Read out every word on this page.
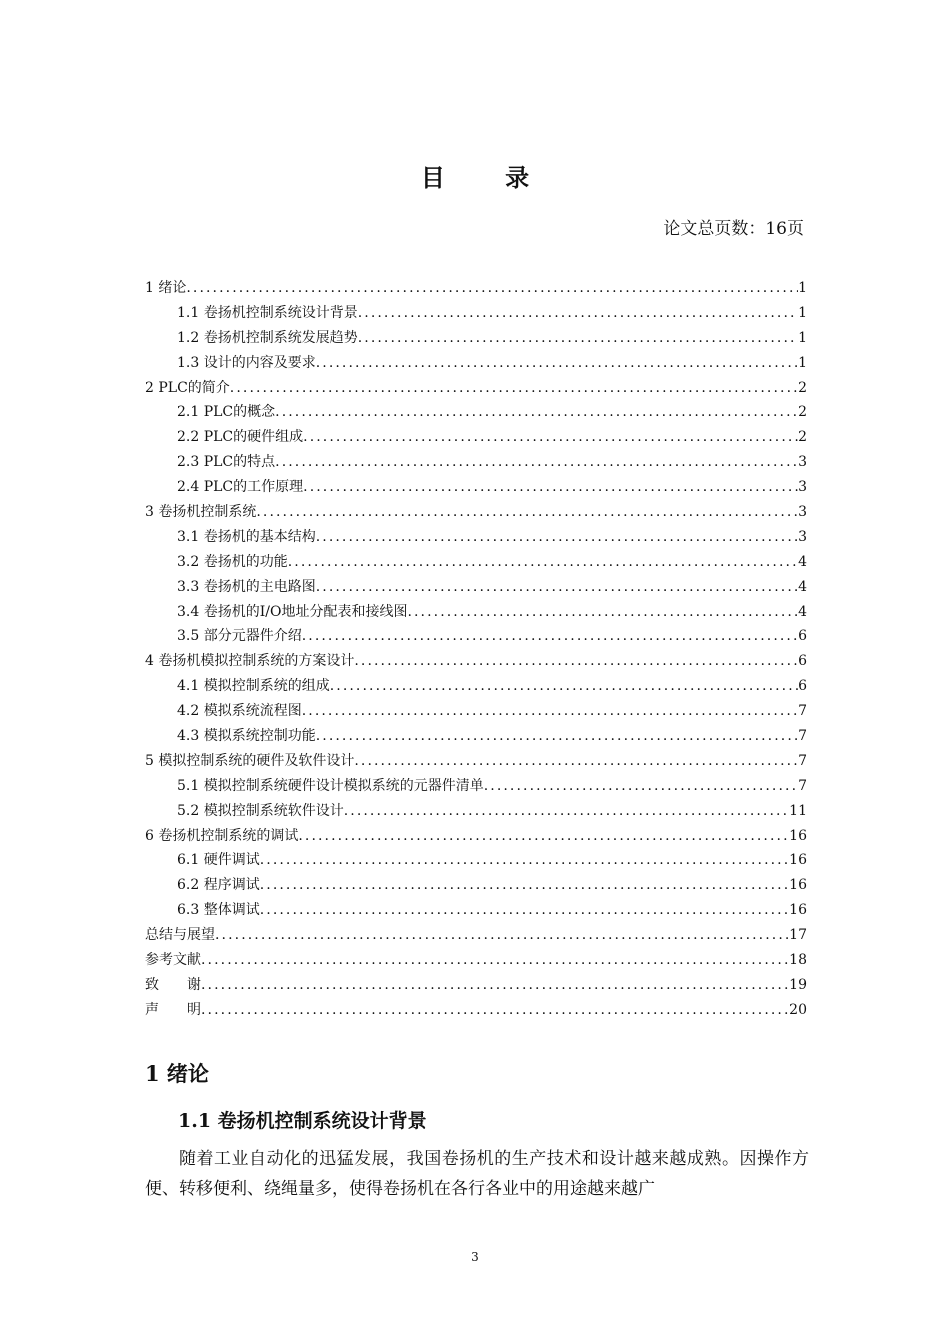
目 录
论文总页数：16页
1 绪论 .....	1
1.1 卷扬机控制系统设计背景 .....	1
1.2 卷扬机控制系统发展趋势 .....	1
1.3 设计的内容及要求 .....	1
2 PLC的简介 .....	2
2.1 PLC的概念 .....	2
2.2 PLC的硬件组成 .....	2
2.3 PLC的特点 .....	3
2.4 PLC的工作原理 .....	3
3 卷扬机控制系统 .....	3
3.1 卷扬机的基本结构 .....	3
3.2 卷扬机的功能 .....	4
3.3 卷扬机的主电路图 .....	4
3.4 卷扬机的I/O地址分配表和接线图 .....	4
3.5 部分元器件介绍 .....	6
4 卷扬机模拟控制系统的方案设计 .....	6
4.1 模拟控制系统的组成 .....	6
4.2 模拟系统流程图 .....	7
4.3 模拟系统控制功能 .....	7
5 模拟控制系统的硬件及软件设计 .....	7
5.1 模拟控制系统硬件设计模拟系统的元器件清单 .....	7
5.2 模拟控制系统软件设计 .....	11
6 卷扬机控制系统的调试 .....	16
6.1 硬件调试 .....	16
6.2 程序调试 .....	16
6.3 整体调试 .....	16
总结与展望 .....	17
参考文献 .....	18
致　　谢 .....	19
声　　明 .....	20
1 绪论
1.1 卷扬机控制系统设计背景

随着工业自动化的迅猛发展，我国卷扬机的生产技术和设计越来越成熟。因操作方便、转移便利、绕绳量多，使得卷扬机在各行各业中的用途越来越广

3
